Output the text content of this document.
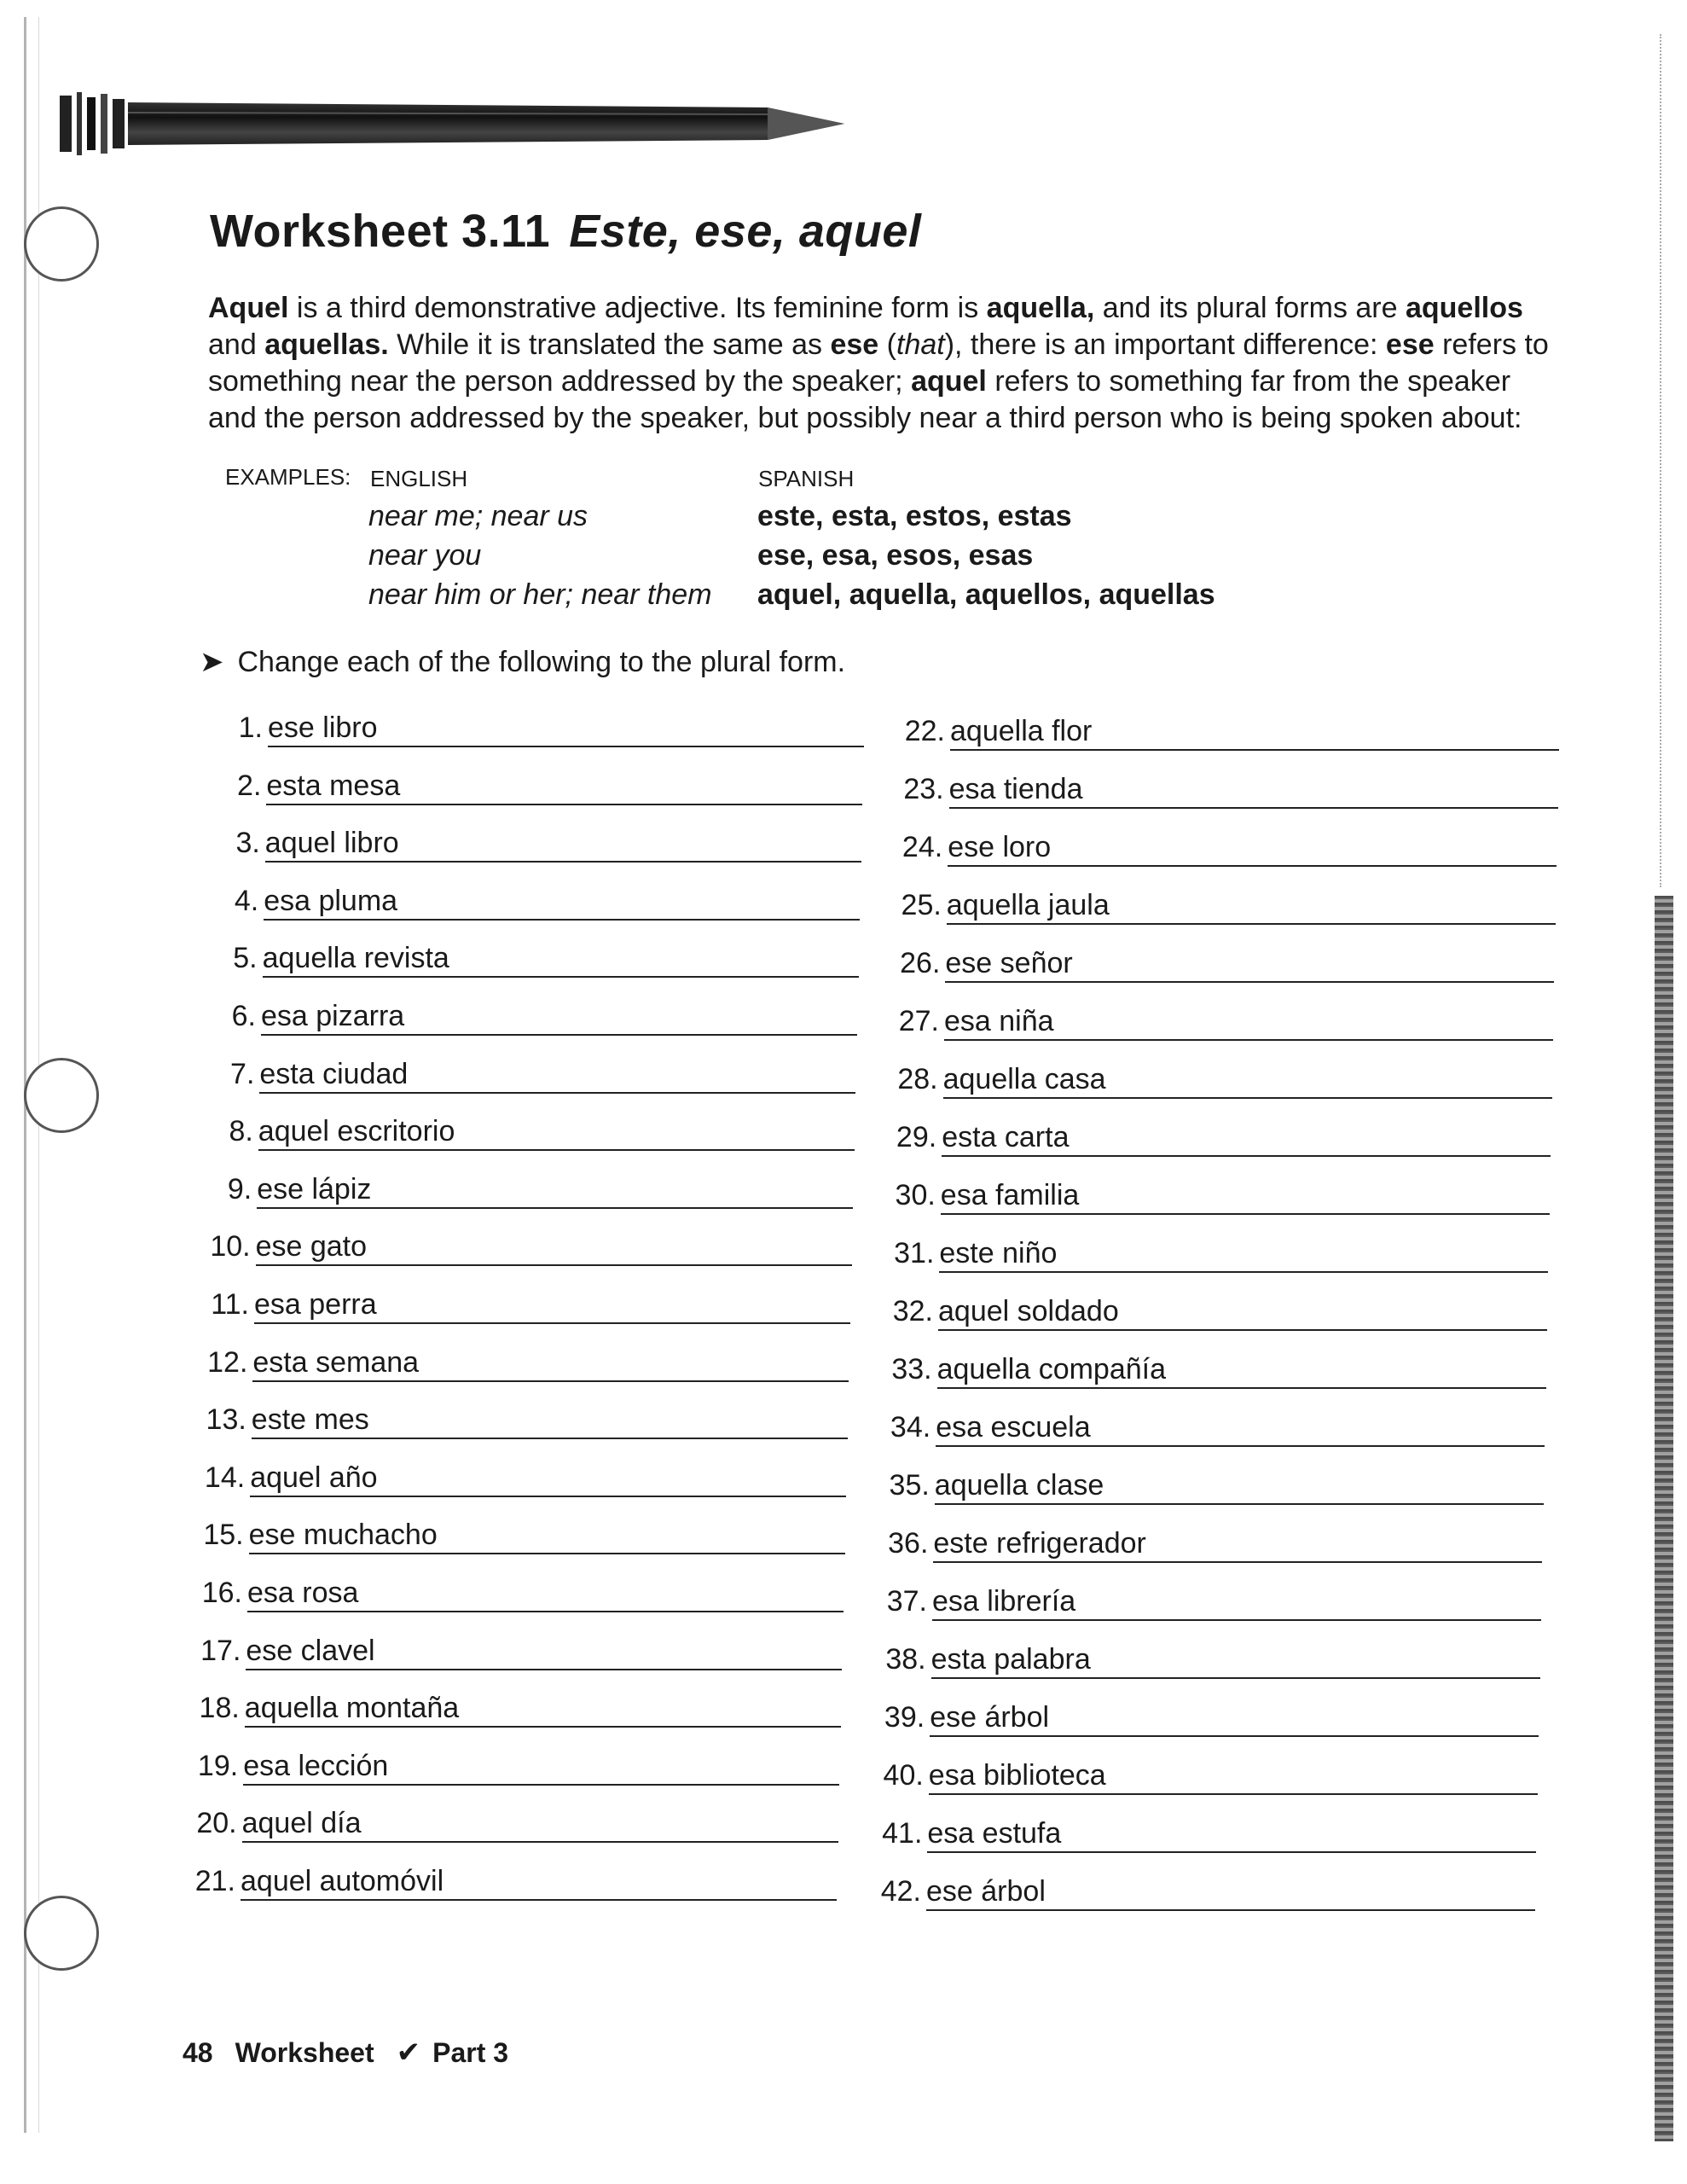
Worksheet 3.11 Este, ese, aquel
Aquel is a third demonstrative adjective. Its feminine form is aquella, and its plural forms are aquellos and aquellas. While it is translated the same as ese (that), there is an important difference: ese refers to something near the person addressed by the speaker; aquel refers to something far from the speaker and the person addressed by the speaker, but possibly near a third person who is being spoken about:
EXAMPLES: ENGLISH	SPANISH
near me; near us	este, esta, estos, estas
near you	ese, esa, esos, esas
near him or her; near them aquel, aquella, aquellos, aquellas
➤ Change each of the following to the plural form.
1. ese libro
2. esta mesa
3. aquel libro
4. esa pluma
5. aquella revista
6. esa pizarra
7. esta ciudad
8. aquel escritorio
9. ese lápiz
10. ese gato
11. esa perra
12. esta semana
13. este mes
14. aquel año
15. ese muchacho
16. esa rosa
17. ese clavel
18. aquella montaña
19. esa lección
20. aquel día
21. aquel automóvil
22. aquella flor
23. esa tienda
24. ese loro
25. aquella jaula
26. ese señor
27. esa niña
28. aquella casa
29. esta carta
30. esa familia
31. este niño
32. aquel soldado
33. aquella compañía
34. esa escuela
35. aquella clase
36. este refrigerador
37. esa librería
38. esta palabra
39. ese árbol
40. esa biblioteca
41. esa estufa
42. ese árbol
48 Worksheet ✔ Part 3
